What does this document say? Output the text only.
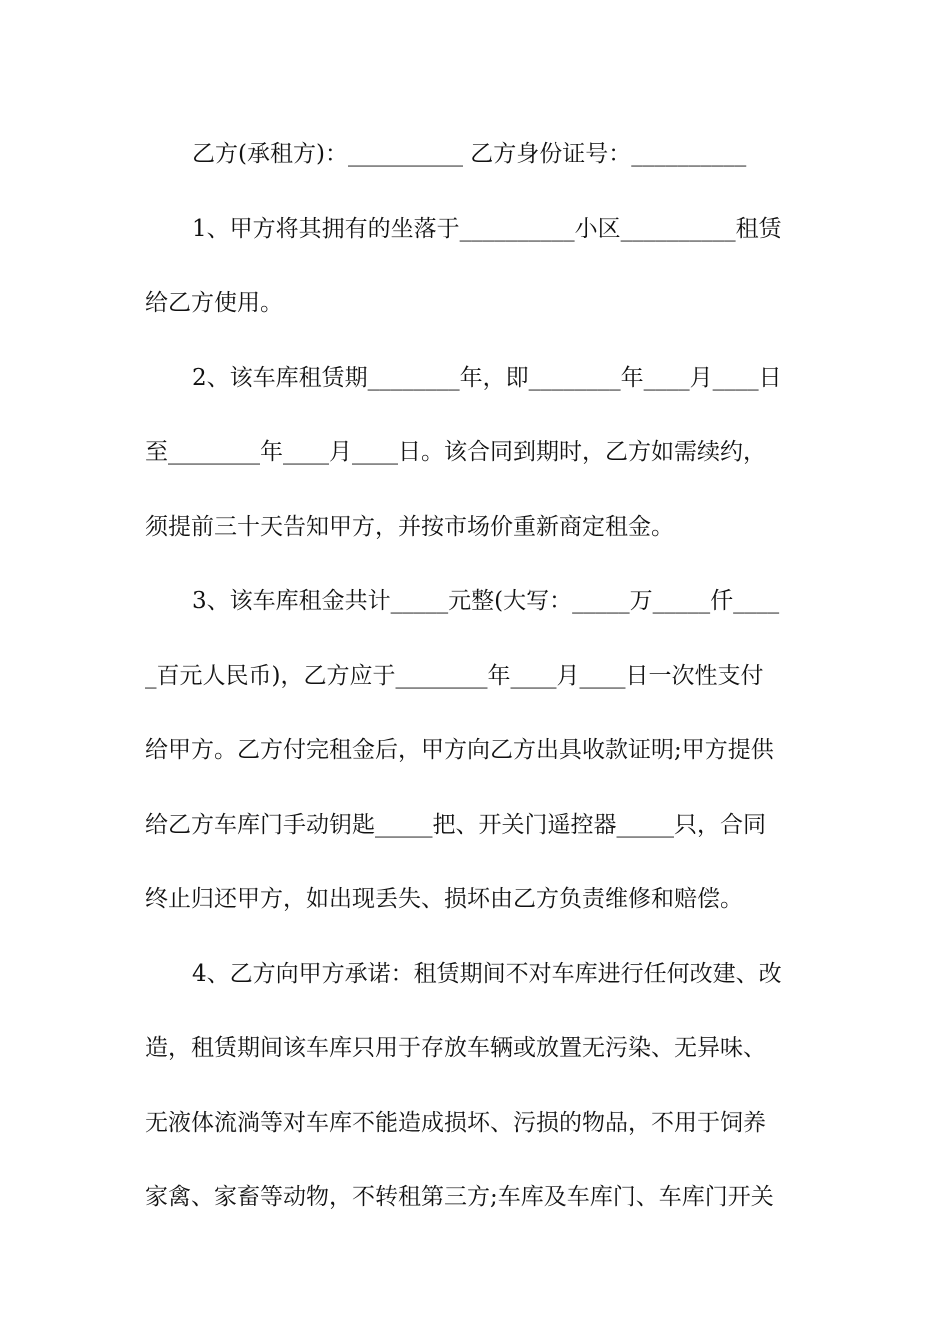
乙方(承租方)：__________ 乙方身份证号：__________
1、甲方将其拥有的坐落于__________小区__________租赁
给乙方使用。
2、该车库租赁期________年，即________年____月____日
至________年____月____日。该合同到期时，乙方如需续约，
须提前三十天告知甲方，并按市场价重新商定租金。
3、该车库租金共计_____元整(大写：_____万_____仟____
_百元人民币)，乙方应于________年____月____日一次性支付
给甲方。乙方付完租金后，甲方向乙方出具收款证明;甲方提供
给乙方车库门手动钥匙_____把、开关门遥控器_____只，合同
终止归还甲方，如出现丢失、损坏由乙方负责维修和赔偿。
4、乙方向甲方承诺：租赁期间不对车库进行任何改建、改
造，租赁期间该车库只用于存放车辆或放置无污染、无异味、
无液体流淌等对车库不能造成损坏、污损的物品，不用于饲养
家禽、家畜等动物，不转租第三方;车库及车库门、车库门开关
